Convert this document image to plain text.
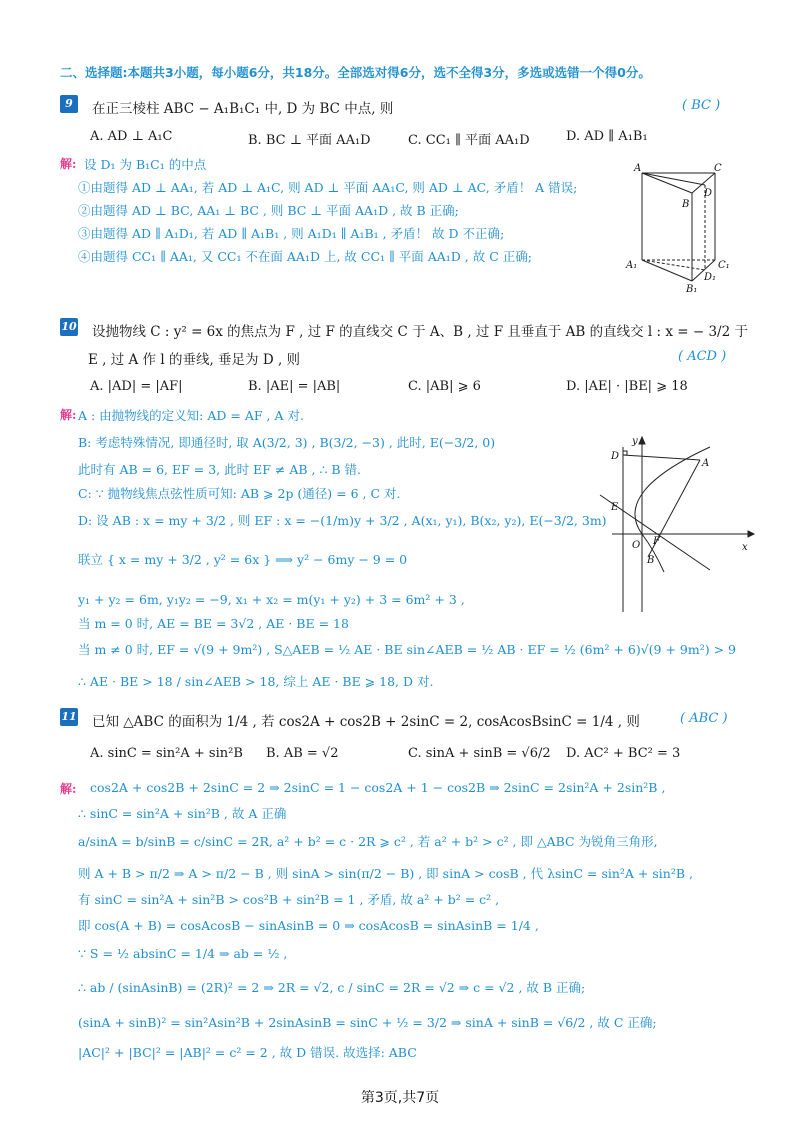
二、选择题:本题共3小题，每小题6分，共18分。全部选对得6分，选不全得3分，多选或选错一个得0分。
9	在正三棱柱 ABC − A₁B₁C₁ 中, D 为 BC 中点, 则	( BC )
A. AD ⊥ A₁C	B. BC ⊥ 平面 AA₁D	C. CC₁ ∥ 平面 AA₁D	D. AD ∥ A₁B₁
解: 设 D₁ 为 B₁C₁ 的中点
①由题得 AD ⊥ AA₁, 若 AD ⊥ A₁C, 则 AD ⊥ 平面 AA₁C, 则 AD ⊥ AC, 矛盾！ A 错误;
②由题得 AD ⊥ BC, AA₁ ⊥ BC , 则 BC ⊥ 平面 AA₁D , 故 B 正确;
③由题得 AD ∥ A₁D₁, 若 AD ∥ A₁B₁ , 则 A₁D₁ ∥ A₁B₁ , 矛盾！ 故 D 不正确;
④由题得 CC₁ ∥ AA₁, 又 CC₁ 不在面 AA₁D 上, 故 CC₁ ∥ 平面 AA₁D , 故 C 正确;
A	C
B
D
A₁	C₁
D₁
B₁
10 设抛物线 C : y² = 6x 的焦点为 F , 过 F 的直线交 C 于 A、B , 过 F 且垂直于 AB 的直线交 l : x = − 3/2 于
E , 过 A 作 l 的垂线, 垂足为 D , 则	( ACD )
A. |AD| = |AF|	B. |AE| = |AB|	C. |AB| ⩾ 6	D. |AE| · |BE| ⩾ 18
解: A : 由抛物线的定义知: AD = AF , A 对.
B: 考虑特殊情况, 即通径时, 取 A(3/2, 3) , B(3/2, −3) , 此时, E(−3/2, 0)
此时有 AB = 6, EF = 3, 此时 EF ≠ AB , ∴ B 错.
C: ∵ 抛物线焦点弦性质可知: AB ⩾ 2p (通径) = 6 , C 对.
D: 设 AB : x = my + 3/2 , 则 EF : x = −(1/m)y + 3/2 , A(x₁, y₁), B(x₂, y₂), E(−3/2, 3m)
联立 { x = my + 3/2 , y² = 6x } ⟹ y² − 6my − 9 = 0
y₁ + y₂ = 6m, y₁y₂ = −9, x₁ + x₂ = m(y₁ + y₂) + 3 = 6m² + 3 ,
当 m = 0 时, AE = BE = 3√2 , AE · BE = 18
当 m ≠ 0 时, EF = √(9 + 9m²) , S△AEB = ½ AE · BE sin∠AEB = ½ AB · EF = ½ (6m² + 6)√(9 + 9m²) > 9
∴ AE · BE > 18 / sin∠AEB > 18, 综上 AE · BE ⩾ 18, D 对.
y
x
D
A
E
O F
B
11 已知 △ABC 的面积为 1/4 , 若 cos2A + cos2B + 2sinC = 2, cosAcosBsinC = 1/4 , 则	( ABC )
A. sinC = sin²A + sin²B B. AB = √2	C. sinA + sinB = √6/2 D. AC² + BC² = 3
解: cos2A + cos2B + 2sinC = 2 ⇒ 2sinC = 1 − cos2A + 1 − cos2B ⇒ 2sinC = 2sin²A + 2sin²B ,
∴ sinC = sin²A + sin²B , 故 A 正确
a/sinA = b/sinB = c/sinC = 2R, a² + b² = c · 2R ⩾ c² , 若 a² + b² > c² , 即 △ABC 为锐角三角形,
则 A + B > π/2 ⇒ A > π/2 − B , 则 sinA > sin(π/2 − B) , 即 sinA > cosB , 代 λsinC = sin²A + sin²B ,
有 sinC = sin²A + sin²B > cos²B + sin²B = 1 , 矛盾, 故 a² + b² = c² ,
即 cos(A + B) = cosAcosB − sinAsinB = 0 ⇒ cosAcosB = sinAsinB = 1/4 ,
∵ S = ½ absinC = 1/4 ⇒ ab = ½ ,
∴ ab / (sinAsinB) = (2R)² = 2 ⇒ 2R = √2, c / sinC = 2R = √2 ⇒ c = √2 , 故 B 正确;
(sinA + sinB)² = sin²Asin²B + 2sinAsinB = sinC + ½ = 3/2 ⇒ sinA + sinB = √6/2 , 故 C 正确;
|AC|² + |BC|² = |AB|² = c² = 2 , 故 D 错误. 故选择: ABC
第3页,共7页
